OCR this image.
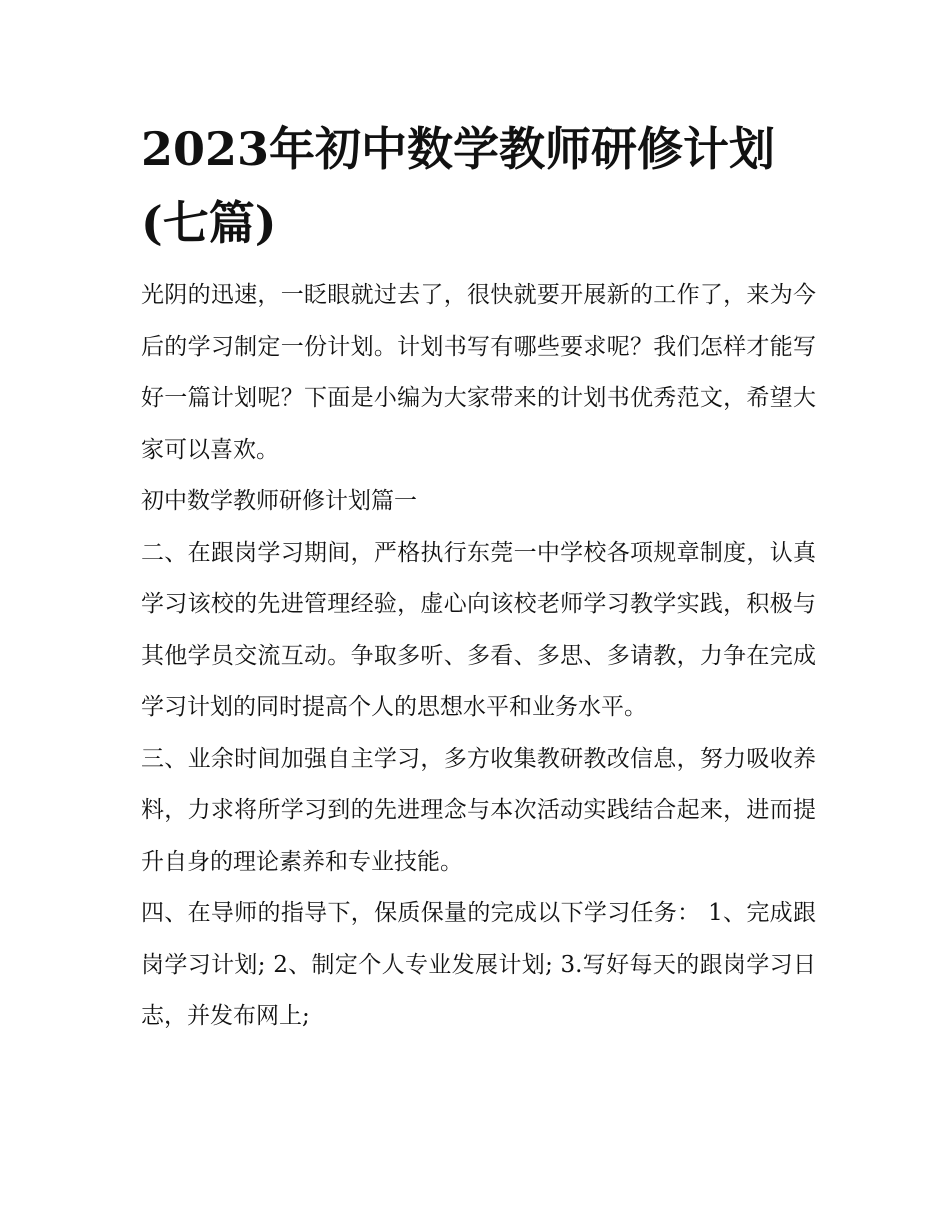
2023年初中数学教师研修计划(七篇)

光阴的迅速，一眨眼就过去了，很快就要开展新的工作了，来为今后的学习制定一份计划。计划书写有哪些要求呢？我们怎样才能写好一篇计划呢？下面是小编为大家带来的计划书优秀范文，希望大家可以喜欢。

初中数学教师研修计划篇一

二、在跟岗学习期间，严格执行东莞一中学校各项规章制度，认真学习该校的先进管理经验，虚心向该校老师学习教学实践，积极与其他学员交流互动。争取多听、多看、多思、多请教，力争在完成学习计划的同时提高个人的思想水平和业务水平。

三、业余时间加强自主学习，多方收集教研教改信息，努力吸收养料，力求将所学习到的先进理念与本次活动实践结合起来，进而提升自身的理论素养和专业技能。

四、在导师的指导下，保质保量的完成以下学习任务： 1、完成跟岗学习计划; 2、制定个人专业发展计划; 3.写好每天的跟岗学习日志，并发布网上;
